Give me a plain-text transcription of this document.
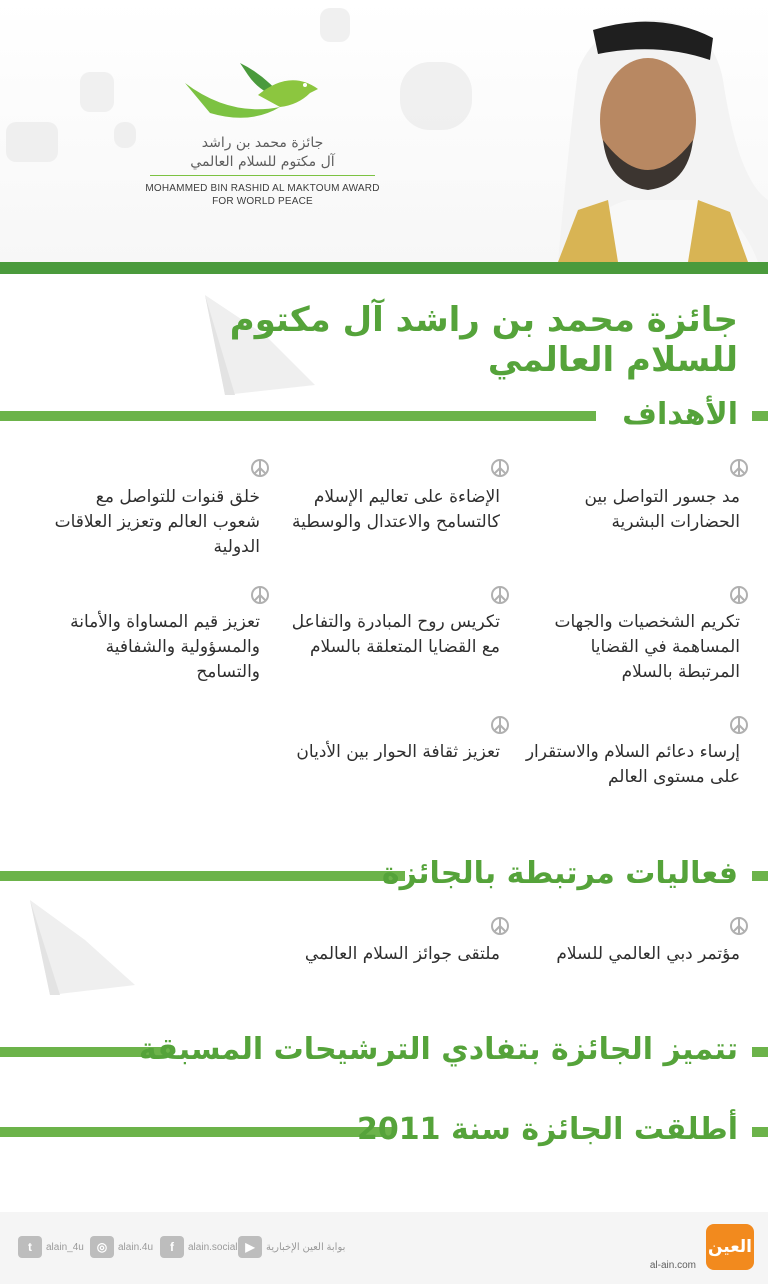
جائزة محمد بن راشد
آل مكتوم للسلام العالمي
MOHAMMED BIN RASHID AL MAKTOUM AWARD
FOR WORLD PEACE
جائزة محمد بن راشد آل مكتوم
للسلام العالمي
الأهداف
مد جسور التواصل بين الحضارات البشرية
الإضاءة على تعاليم الإسلام كالتسامح والاعتدال والوسطية
خلق قنوات للتواصل مع شعوب العالم وتعزيز العلاقات الدولية
تكريم الشخصيات والجهات المساهمة في القضايا المرتبطة بالسلام
تكريس روح المبادرة والتفاعل مع القضايا المتعلقة بالسلام
تعزيز قيم المساواة والأمانة والمسؤولية والشفافية والتسامح
إرساء دعائم السلام والاستقرار على مستوى العالم
تعزيز ثقافة الحوار بين الأديان
فعاليات مرتبطة بالجائزة
مؤتمر دبي العالمي للسلام
ملتقى جوائز السلام العالمي
تتميز الجائزة بتفادي الترشيحات المسبقة
أطلقت الجائزة سنة 2011
t	alain_4u	◎	alain.4u	f	alain.social ▶	بوابة العين الإخبارية	العين
al-ain.com
